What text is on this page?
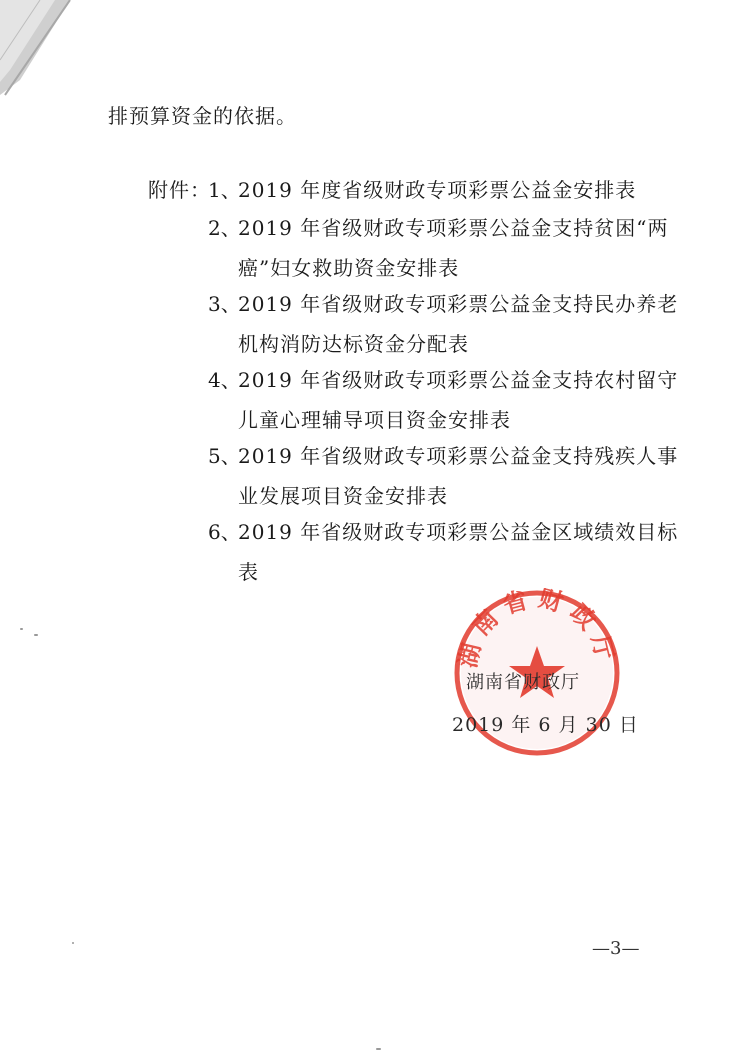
排预算资金的依据。
附件：
1、
2019 年度省级财政专项彩票公益金安排表
2、
2019 年省级财政专项彩票公益金支持贫困“两
癌”妇女救助资金安排表
3、
2019 年省级财政专项彩票公益金支持民办养老
机构消防达标资金分配表
4、
2019 年省级财政专项彩票公益金支持农村留守
儿童心理辅导项目资金安排表
5、
2019 年省级财政专项彩票公益金支持残疾人事
业发展项目资金安排表
6、
2019 年省级财政专项彩票公益金区域绩效目标
表
湖南省财政厅
湖南省财政厅
2019 年 6 月 30 日
—3—
